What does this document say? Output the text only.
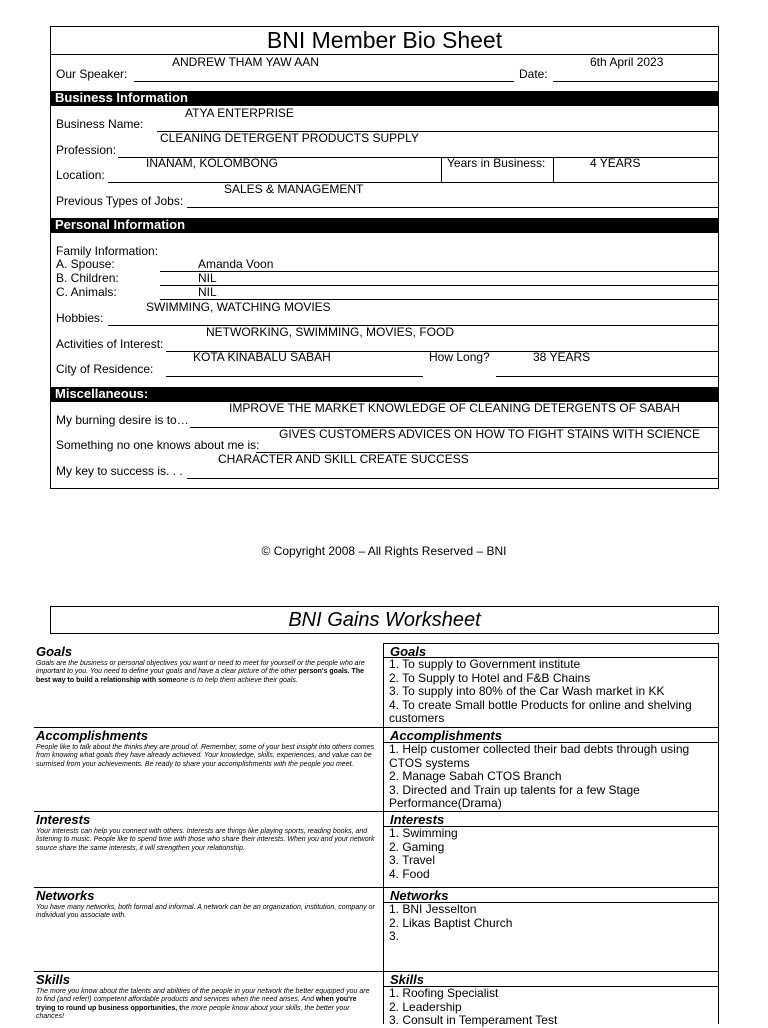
BNI Member Bio Sheet
Our Speaker:
ANDREW THAM YAW AAN
Date:
6th April 2023
Business Information
Business Name:
ATYA ENTERPRISE
Profession:
CLEANING DETERGENT PRODUCTS SUPPLY
Location:
INANAM, KOLOMBONG	Years in Business:	4 YEARS
Previous Types of Jobs:
SALES & MANAGEMENT
Personal Information
Family Information:
A. Spouse:	Amanda Voon
B. Children:	NIL
C. Animals:	NIL
Hobbies:
SWIMMING, WATCHING MOVIES
Activities of Interest:
NETWORKING, SWIMMING, MOVIES, FOOD
City of Residence:
KOTA KINABALU SABAH	How Long?	38 YEARS
Miscellaneous:
My burning desire is to…
IMPROVE THE MARKET KNOWLEDGE OF CLEANING DETERGENTS OF SABAH
Something no one knows about me is:
GIVES CUSTOMERS ADVICES ON HOW TO FIGHT STAINS WITH SCIENCE
My key to success is. . .
CHARACTER AND SKILL CREATE SUCCESS
© Copyright 2008 – All Rights Reserved – BNI
BNI Gains Worksheet
Goals
Goals are the business or personal objectives you want or need to meet for yourself or the people who are important to you. You need to define your goals and have a clear picture of the other person's goals. The best way to build a relationship with someone is to help them achieve their goals.
Goals
1. To supply to Government institute
2. To Supply to Hotel and F&B Chains
3. To supply into 80% of the Car Wash market in KK
4. To create Small bottle Products for online and shelving customers
Accomplishments
People like to talk about the thinks they are proud of. Remember, some of your best insight into others comes from knowing what goals they have already achieved. Your knowledge, skills, experiences, and value can be surmised from your achievements. Be ready to share your accomplishments with the people you meet.
Accomplishments
1. Help customer collected their bad debts through using CTOS systems
2. Manage Sabah CTOS Branch
3. Directed and Train up talents for a few Stage Performance(Drama)
Interests
Your interests can help you connect with others. Interests are things like playing sports, reading books, and listening to music. People like to spend time with those who share their interests. When you and your network source share the same interests, it will strengthen your relationship.
Interests
1. Swimming
2. Gaming
3. Travel
4. Food
Networks
You have many networks, both formal and informal. A network can be an organization, institution, company or individual you associate with.
Networks
1. BNI Jesselton
2. Likas Baptist Church
3.
Skills
The more you know about the talents and abilities of the people in your network the better equipped you are to find (and refer!) competent affordable products and services when the need arises. And when you're trying to round up business opportunities, the more people know about your skills, the better your chances!
Skills
1. Roofing Specialist
2. Leadership
3. Consult in Temperament Test
